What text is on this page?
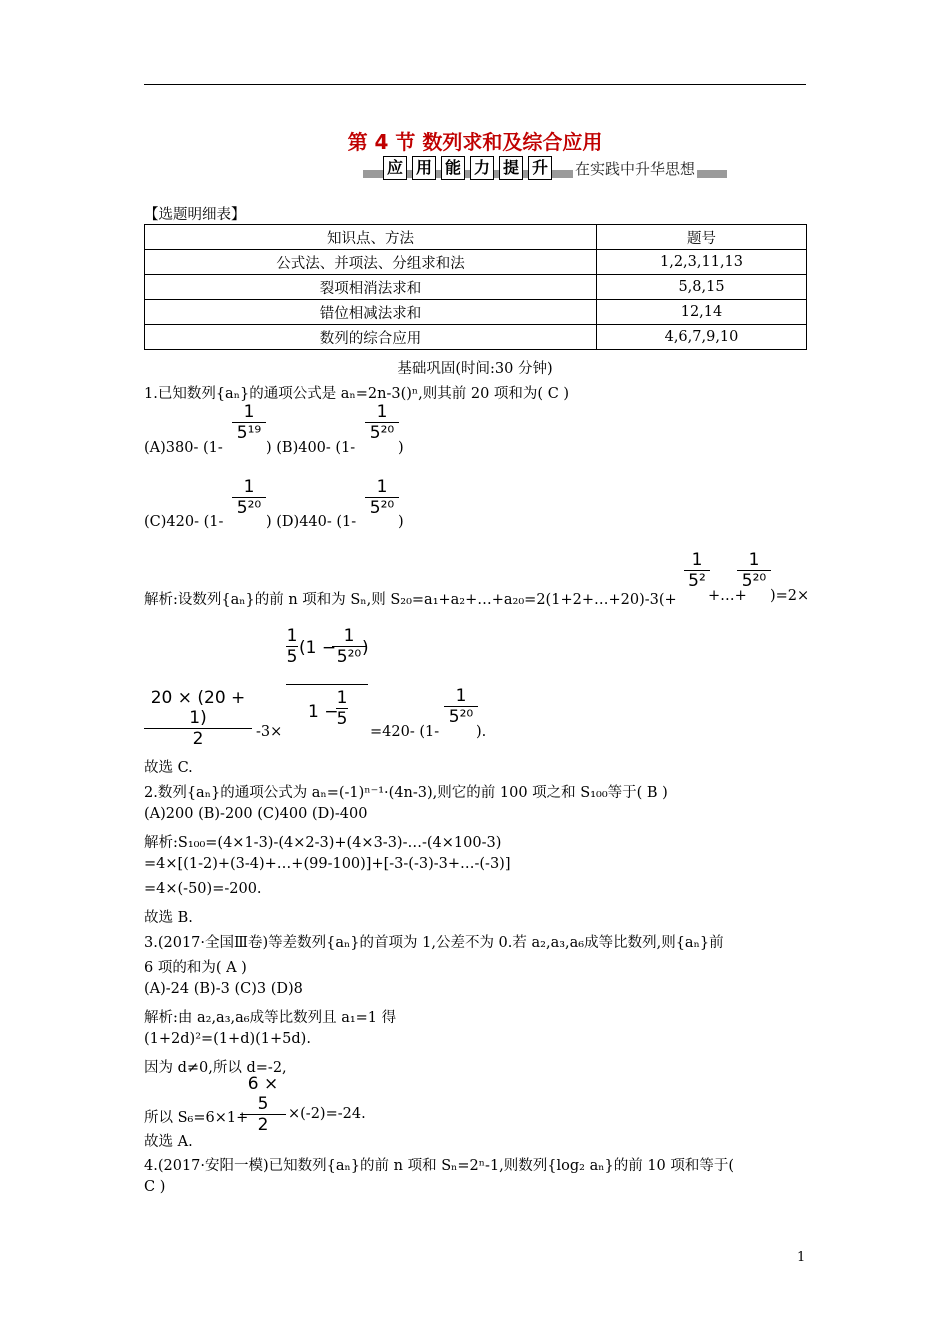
第 4 节 数列求和及综合应用
应 用 能 力 提 升 在实践中升华思想
【选题明细表】
知识点、方法	题号
公式法、并项法、分组求和法	1,2,3,11,13
裂项相消法求和	5,8,15
错位相减法求和	12,14
数列的综合应用	4,6,7,9,10
基础巩固(时间:30 分钟)
1.已知数列{aₙ}的通项公式是 aₙ=2n-3()ⁿ,则其前 20 项和为( C )
$\frac{1}{\text{5¹⁹}}$	$\frac{1}{\text{5²⁰}}$
(A)380- (1-	) (B)400- (1-	)
$\frac{1}{\text{5²⁰}}$	$\frac{1}{\text{5²⁰}}$
(C)420- (1-	) (D)440- (1-	)
$\frac{1}{\text{5²}} \frac{1}{\text{5²⁰}}$
解析:设数列{aₙ}的前 n 项和为 Sₙ,则 S₂₀=a₁+a₂+…+a₂₀=2(1+2+…+20)-3(+ +…+ )=2×
$\frac{20 \times (20 + 1)}{2} -3\times$
1
5 (1 −
1
5²⁰ )
1 −
1
5	$\frac{1}{\text{5²⁰}}$
=420- (1-	).
故选 C.
2.数列{aₙ}的通项公式为 aₙ=(-1)ⁿ⁻¹·(4n-3),则它的前 100 项之和 S₁₀₀等于( B )
(A)200 (B)-200 (C)400 (D)-400
解析:S₁₀₀=(4×1-3)-(4×2-3)+(4×3-3)-…-(4×100-3)
=4×[(1-2)+(3-4)+…+(99-100)]+[-3-(-3)-3+…-(-3)]
=4×(-50)=-200.
故选 B.
3.(2017·全国Ⅲ卷)等差数列{aₙ}的首项为 1,公差不为 0.若 a₂,a₃,a₆成等比数列,则{aₙ}前
6 项的和为( A )
(A)-24 (B)-3 (C)3 (D)8
解析:由 a₂,a₃,a₆成等比数列且 a₁=1 得
(1+2d)²=(1+d)(1+5d).
因为 d≠0,所以 d=-2,
$\frac{6 \times 5}{2}$
所以 S₆=6×1+	×(-2)=-24.
故选 A.
4.(2017·安阳一模)已知数列{aₙ}的前 n 项和 Sₙ=2ⁿ-1,则数列{log₂ aₙ}的前 10 项和等于(
C )
1
